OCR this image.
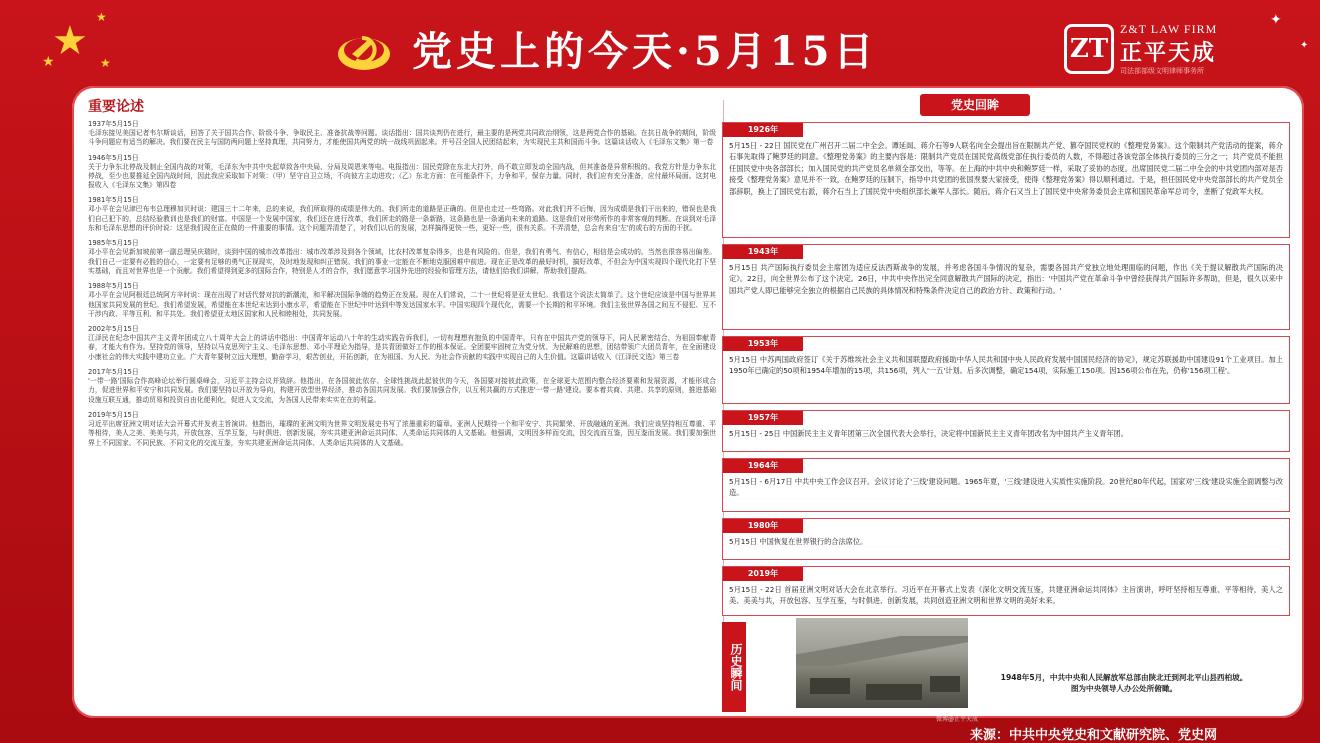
★
★
★
★
✦
✦
党史上的今天·5月15日	ZT
Z&T LAW FIRM
正平天成
司法部部级文明律师事务所
重要论述
1937年5月15日
毛泽东接见美国记者韦尔斯谈话，回答了关于国共合作、阶级斗争、争取民主、准备抗战等问题。谈话指出：国共谈判仍在进行，最主要的是两党共同政治纲领，这是两党合作的基础。在抗日战争的期间，阶级斗争问题应有适当的解决。我们要在民主与国防两问题上坚持真理，共同努力，才能使国共两党的统一战线巩固起来。并号召全国人民团结起来，为实现民主共和国而斗争。这篇谈话收入《毛泽东文集》第一卷
1946年5月15日
关于力争东北停战及制止全国内战的对策，毛泽东为中共中央起草致各中央局、分局及周恩来等电。电报指出：国民党除在东北大打外，尚不敢立即发动全国内战，但其准备是异常积极的。我党方针是力争东北停战，至少也要推延全国内战时间，因此我应采取如下对策：（甲）坚守自卫立场，不向彼方主动进攻；（乙）东北方面：在可能条件下，力争和平，保存力量。同时，我们应有充分准备，应付最坏局面。这封电报收入《毛泽东文集》第四卷
1981年5月15日
邓小平在会见津巴布韦总理穆加贝时说：建国三十二年来，总的来说，我们所取得的成绩是伟大的。我们所走的道路是正确的。但是也走过一些弯路。对此我们并不后悔，因为成绩是我们干出来的，错误也是我们自己犯下的，总结经验教训也是我们的财富。中国是一个发展中国家，我们还在进行改革，我们所走的路是一条新路，这条路也是一条通向未来的道路。这是我们对形势所作的非常客观的判断。在谈到对毛泽东和毛泽东思想的评价时说：这是我们现在正在做的一件重要的事情。这个问题弄清楚了，对我们以后的发展，怎样搞得更快一些，更好一些，很有关系。不弄清楚，总会有来自'左'的或右的方面的干扰。
1985年5月15日
邓小平在会见新加坡前第一副总理吴庆瑞时，谈到中国的城市改革指出：城市改革涉及到各个领域，比农村改革复杂得多，也是有风险的。但是，我们有勇气、有信心，相信是会成功的。当然也很容易出偏差。我们自己一定要有必胜的信心，一定要有足够的勇气正视现实，及时地发现和纠正错误。我们的事业一定能在不断地克服困难中前进。现在正是改革的最好时机，搞好改革，不但会为中国实现四个现代化打下坚实基础，而且对世界也是一个贡献。我们希望得到更多的国际合作，特别是人才的合作，我们愿意学习国外先进的经验和管理方法，请他们给我们讲解，帮助我们提高。
1988年5月15日
邓小平在会见阿根廷总统阿方辛时说：现在出现了对话代替对抗的新潮流，和平解决国际争端的趋势正在发展。现在人们常说，二十一世纪将是亚太世纪。我看这个说法太简单了。这个世纪应该是中国与世界其他国家共同发展的世纪。我们希望发展，希望能在本世纪末达到小康水平，希望能在下世纪中叶达到中等发达国家水平。中国实现四个现代化，需要一个长期的和平环境。我们主张世界各国之间互不侵犯、互不干涉内政、平等互利、和平共处。我们希望亚太地区国家和人民和睦相处，共同发展。
2002年5月15日
江泽民在纪念中国共产主义青年团成立八十周年大会上的讲话中指出：中国青年运动八十年的生动实践告诉我们，一切有理想有抱负的中国青年，只有在中国共产党的领导下，同人民紧密结合，为祖国奉献青春，才能大有作为。坚持党的领导，坚持以马克思列宁主义、毛泽东思想、邓小平理论为指导，是共青团做好工作的根本保证。全团要牢固树立为党分忧、为民解难的思想，团结带领广大团员青年，在全面建设小康社会的伟大实践中建功立业。广大青年要树立远大理想，勤奋学习，艰苦创业，开拓创新，在为祖国、为人民、为社会作贡献的实践中实现自己的人生价值。这篇讲话收入《江泽民文选》第三卷
2017年5月15日
'一带一路'国际合作高峰论坛举行圆桌峰会，习近平主持会议并致辞。他指出，在各国彼此依存、全球性挑战此起彼伏的今天，各国要对接彼此政策，在全球更大范围内整合经济要素和发展资源，才能形成合力，促进世界和平安宁和共同发展。我们要坚持以开放为导向，构建开放型世界经济，推动各国共同发展。我们要加强合作，以互利共赢的方式推进'一带一路'建设。要本着共商、共建、共享的原则，推进基础设施互联互通，推动贸易和投资自由化便利化，促进人文交流，为各国人民带来实实在在的利益。
2019年5月15日
习近平出席亚洲文明对话大会开幕式并发表主旨演讲。他指出，璀璨的亚洲文明为世界文明发展史书写了浓墨重彩的篇章。亚洲人民期待一个和平安宁、共同繁荣、开放融通的亚洲。我们应该坚持相互尊重、平等相待，美人之美、美美与共，开放包容、互学互鉴，与时俱进、创新发展，夯实共建亚洲命运共同体、人类命运共同体的人文基础。他强调，文明因多样而交流，因交流而互鉴，因互鉴而发展。我们要加强世界上不同国家、不同民族、不同文化的交流互鉴，夯实共建亚洲命运共同体、人类命运共同体的人文基础。
党史回眸
1926年
5月15日 - 22日 国民党在广州召开二届二中全会。谭延闿、蒋介石等9人联名向全会提出旨在限制共产党、篡夺国民党权的《整理党务案》。这个限制共产党活动的提案，蒋介石事先取得了鲍罗廷的同意。《整理党务案》的主要内容是：限制共产党员在国民党高级党部任执行委员的人数，不得超过各该党部全体执行委员的三分之一；共产党员不能担任国民党中央各部部长；加入国民党的共产党员名单须全部交出，等等。在上海的中共中央和鲍罗廷一样，采取了妥协的态度。出席国民党二届二中全会的中共党团内部对是否接受《整理党务案》意见并不一致，在鲍罗廷的压制下，指导中共党团的张国焘要大家接受，使得《整理党务案》得以顺利通过。于是，担任国民党中央党部部长的共产党员全部辞职，换上了国民党右派，蒋介石当上了国民党中央组织部长兼军人部长。随后，蒋介石又当上了国民党中央常务委员会主席和国民革命军总司令，垄断了党政军大权。
1943年
5月15日 共产国际执行委员会主席团为适应反法西斯战争的发展，并考虑各国斗争情况的复杂，需要各国共产党独立地处理面临的问题，作出《关于提议解散共产国际的决定》。22日，向全世界公布了这个决定。26日，中共中央作出完全同意解散共产国际的决定，指出：'中国共产党在革命斗争中曾经获得共产国际许多帮助，但是，很久以来中国共产党人即已能够完全独立的根据自己民族的具体情况和特殊条件决定自己的政治方针、政策和行动。'
1953年
5月15日 中苏两国政府签订《关于苏维埃社会主义共和国联盟政府援助中华人民共和国中央人民政府发展中国国民经济的协定》，规定苏联援助中国建设91个工业项目。加上1950年已确定的50项和1954年增加的15项，共156项，列入'一五'计划。后多次调整，确定154项，实际施工150项。因156项公布在先，仍称'156项工程'。
1957年
5月15日 - 25日 中国新民主主义青年团第三次全国代表大会举行，决定将中国新民主主义青年团改名为中国共产主义青年团。
1964年
5月15日 - 6月17日 中共中央工作会议召开。会议讨论了'三线'建设问题。1965年夏，'三线'建设进入实质性实施阶段。20世纪80年代起，国家对'三线'建设实施全面调整与改造。
1980年
5月15日 中国恢复在世界银行的合法席位。
2019年
5月15日 - 22日 首届亚洲文明对话大会在北京举行。习近平在开幕式上发表《深化文明交流互鉴，共建亚洲命运共同体》主旨演讲，呼吁坚持相互尊重、平等相待，美人之美、美美与共，开放包容、互学互鉴，与时俱进、创新发展，共同创造亚洲文明和世界文明的美好未来。
历史瞬间	1948年5月，中共中央和人民解放军总部由陕北迁到河北平山县西柏坡。
图为中央领导人办公处所俯瞰。
微博@正平天成
来源：中共中央党史和文献研究院、党史网
